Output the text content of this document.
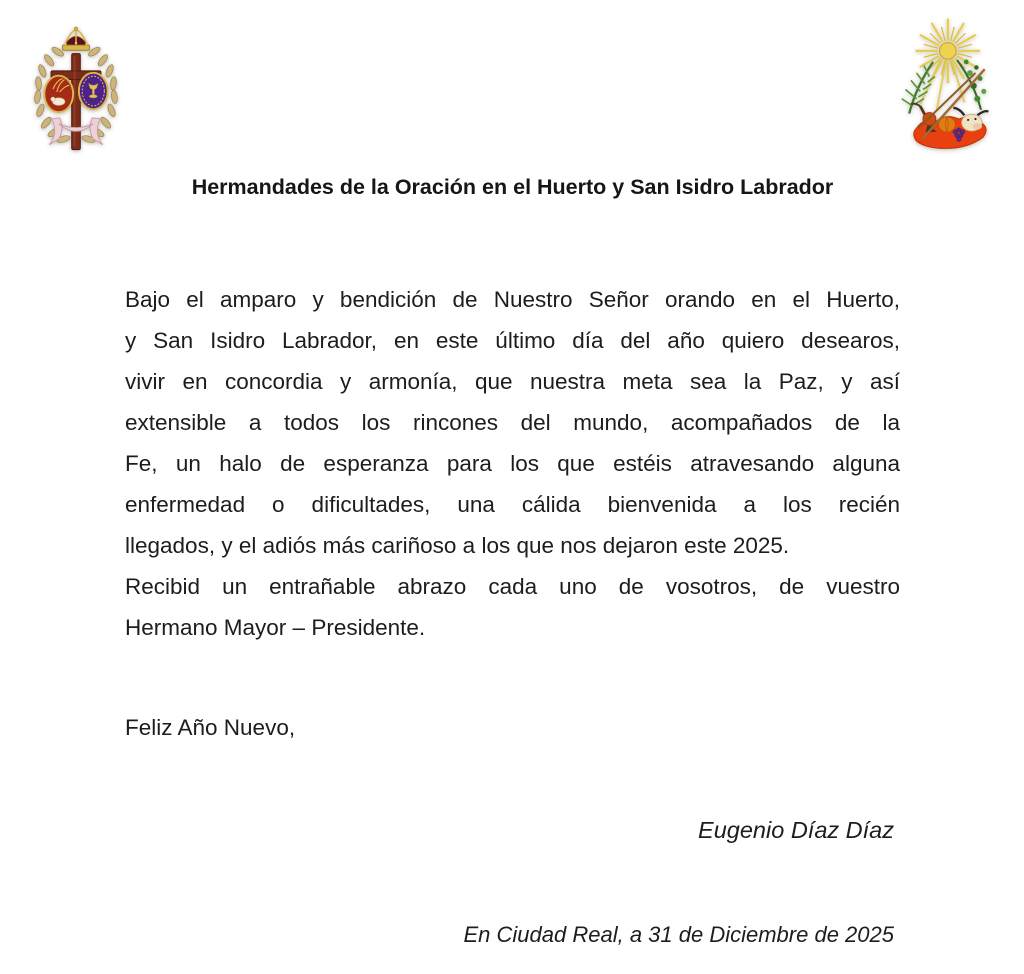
Hermandades de la Oración en el Huerto y San Isidro Labrador
Bajo el amparo y bendición de Nuestro Señor orando en el Huerto,
y San Isidro Labrador, en este último día del año quiero desearos,
vivir en concordia y armonía, que nuestra meta sea la Paz, y así
extensible a todos los rincones del mundo, acompañados de la
Fe, un halo de esperanza para los que estéis atravesando alguna
enfermedad o dificultades, una cálida bienvenida a los recién
llegados, y el adiós más cariñoso a los que nos dejaron este 2025.
Recibid un entrañable abrazo cada uno de vosotros, de vuestro
Hermano Mayor – Presidente.
Feliz Año Nuevo,
Eugenio Díaz Díaz
En Ciudad Real, a 31 de Diciembre de 2025
